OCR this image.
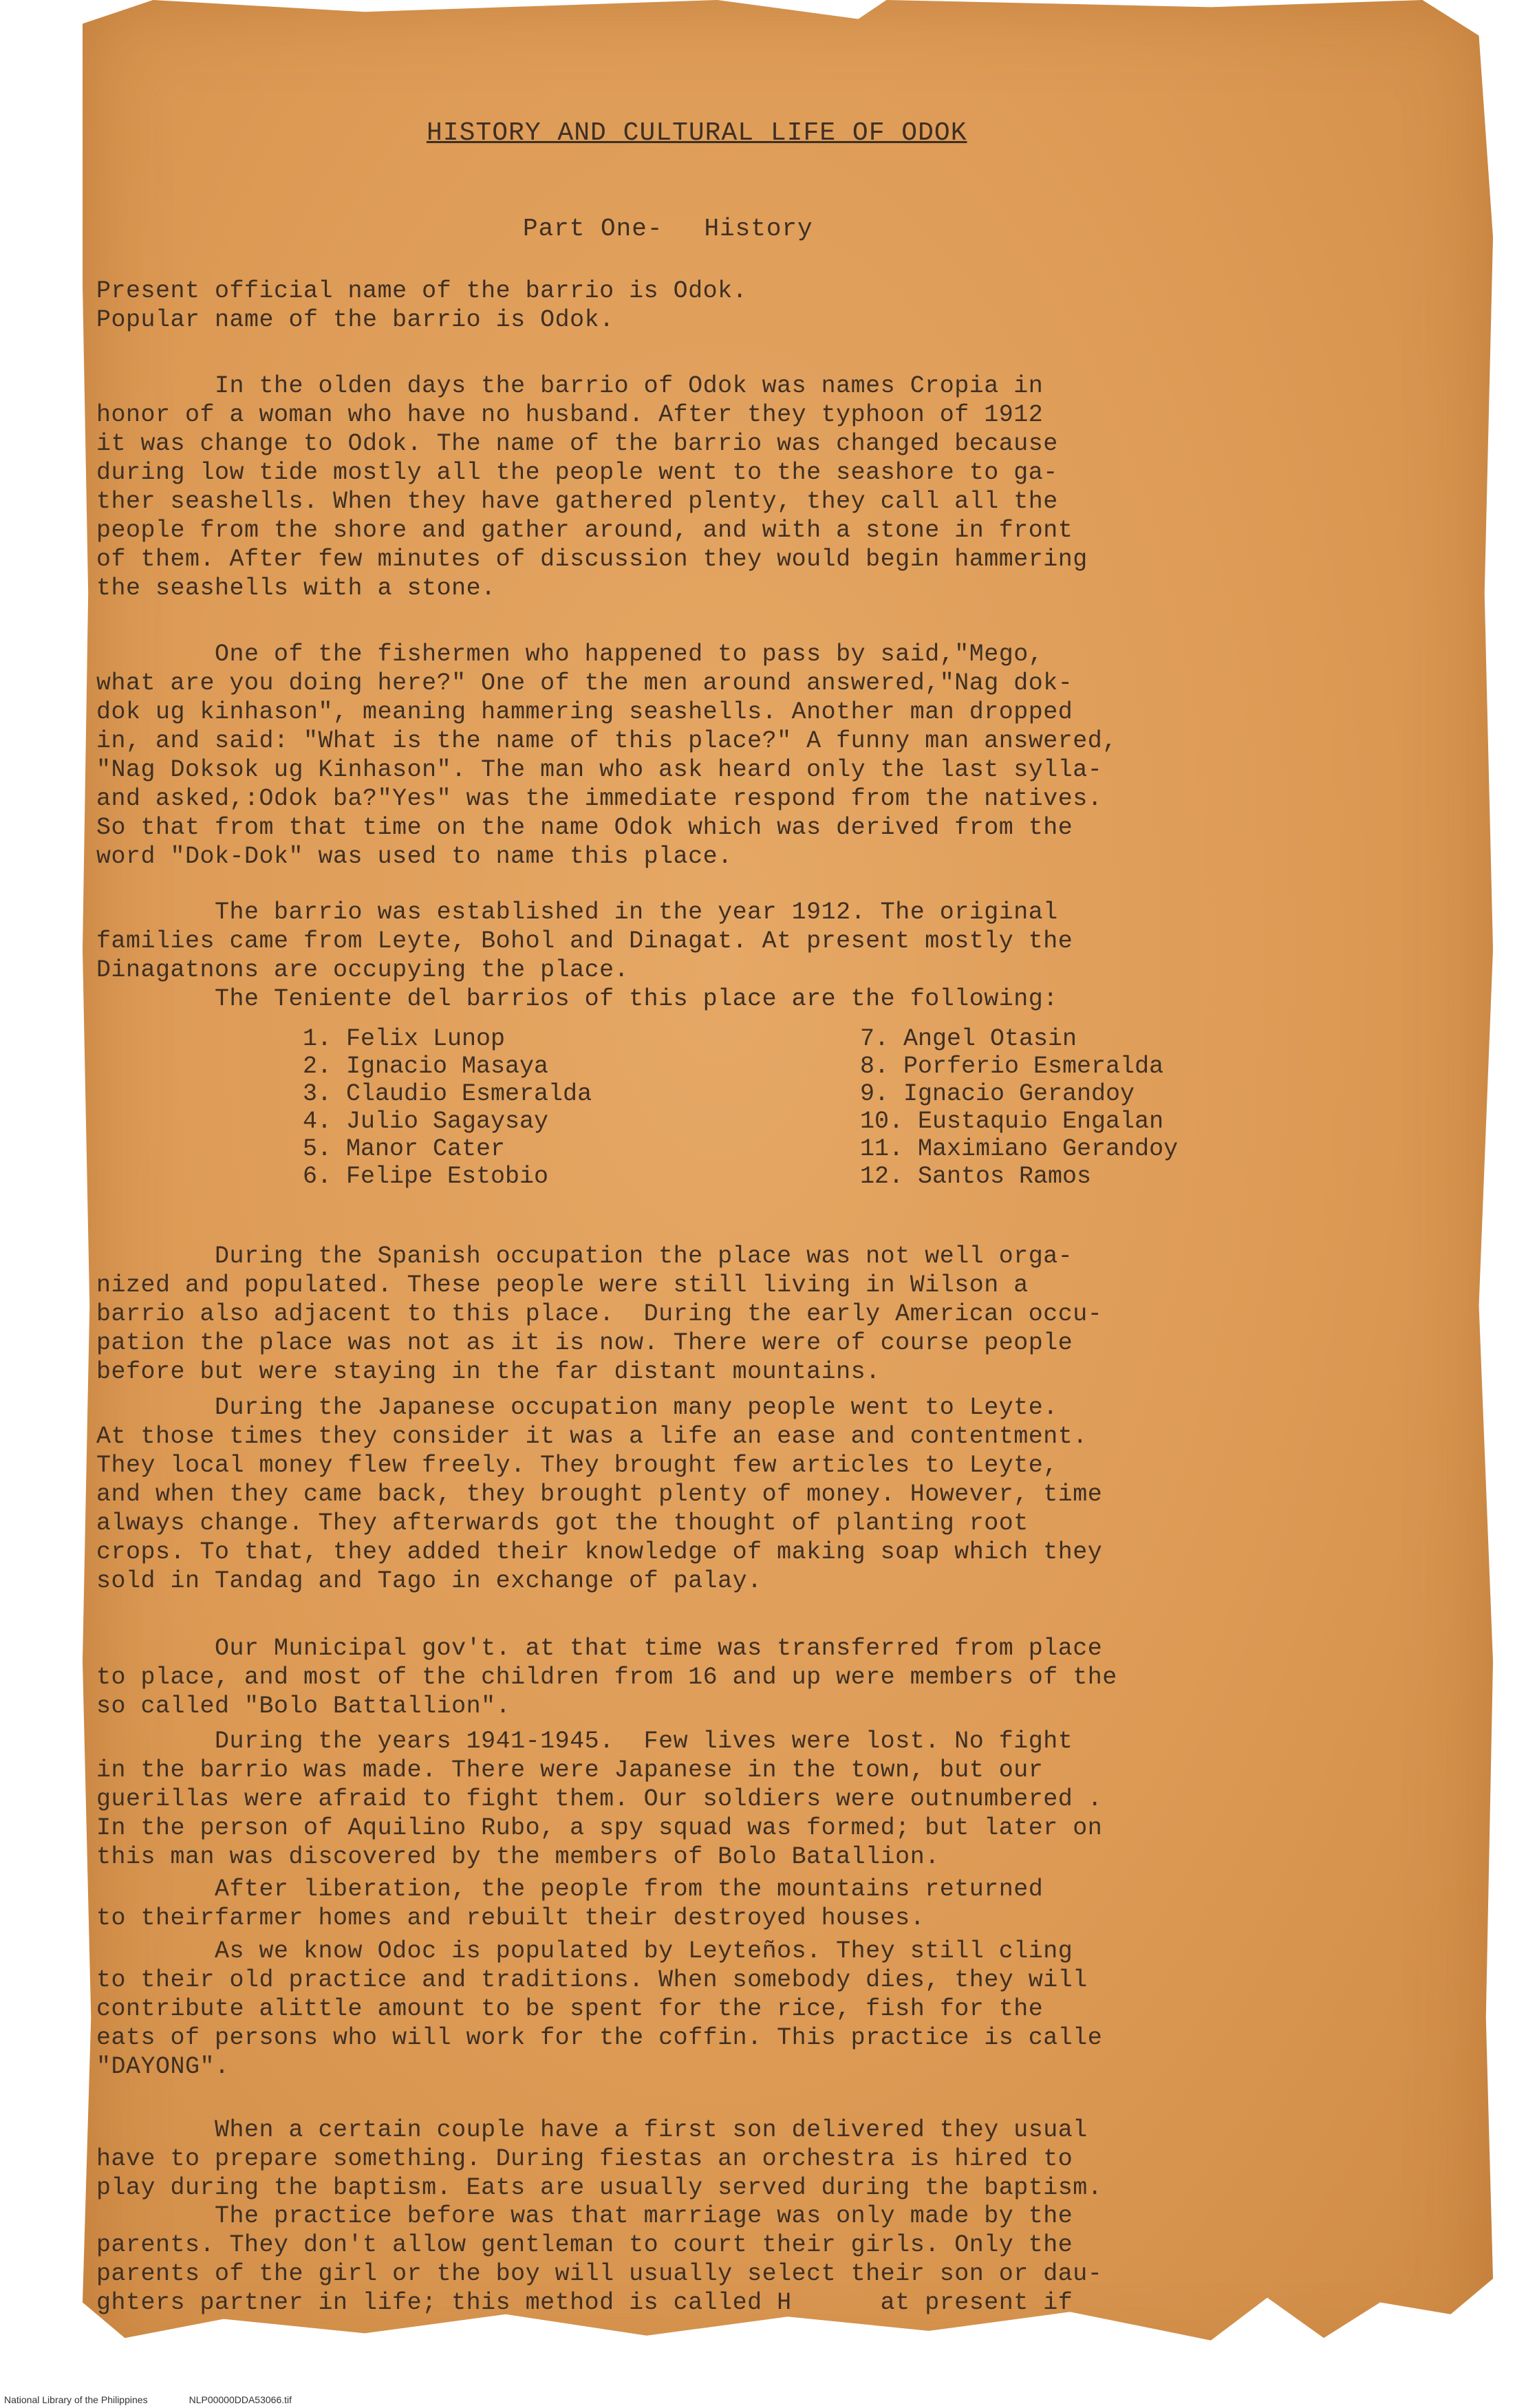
HISTORY AND CULTURAL LIFE OF ODOK
Part One- History
Present official name of the barrio is Odok.
Popular name of the barrio is Odok.
In the olden days the barrio of Odok was names Cropia in
honor of a woman who have no husband. After they typhoon of 1912
it was change to Odok. The name of the barrio was changed because
during low tide mostly all the people went to the seashore to ga-
ther seashells. When they have gathered plenty, they call all the
people from the shore and gather around, and with a stone in front
of them. After few minutes of discussion they would begin hammering
the seashells with a stone.
One of the fishermen who happened to pass by said,"Mego,
what are you doing here?" One of the men around answered,"Nag dok-
dok ug kinhason", meaning hammering seashells. Another man dropped
in, and said: "What is the name of this place?" A funny man answered,
"Nag Doksok ug Kinhason". The man who ask heard only the last sylla-
and asked,:Odok ba?"Yes" was the immediate respond from the natives.
So that from that time on the name Odok which was derived from the
word "Dok-Dok" was used to name this place.
The barrio was established in the year 1912. The original
families came from Leyte, Bohol and Dinagat. At present mostly the
Dinagatnons are occupying the place.
The Teniente del barrios of this place are the following:
1. Felix Lunop
2. Ignacio Masaya
3. Claudio Esmeralda
4. Julio Sagaysay
5. Manor Cater
6. Felipe Estobio
7. Angel Otasin
8. Porferio Esmeralda
9. Ignacio Gerandoy
10. Eustaquio Engalan
11. Maximiano Gerandoy
12. Santos Ramos
During the Spanish occupation the place was not well orga-
nized and populated. These people were still living in Wilson a
barrio also adjacent to this place.  During the early American occu-
pation the place was not as it is now. There were of course people
before but were staying in the far distant mountains.
During the Japanese occupation many people went to Leyte.
At those times they consider it was a life an ease and contentment.
They local money flew freely. They brought few articles to Leyte,
and when they came back, they brought plenty of money. However, time
always change. They afterwards got the thought of planting root
crops. To that, they added their knowledge of making soap which they
sold in Tandag and Tago in exchange of palay.
Our Municipal gov't. at that time was transferred from place
to place, and most of the children from 16 and up were members of the
so called "Bolo Battallion".
During the years 1941-1945.  Few lives were lost. No fight
in the barrio was made. There were Japanese in the town, but our
guerillas were afraid to fight them. Our soldiers were outnumbered .
In the person of Aquilino Rubo, a spy squad was formed; but later on
this man was discovered by the members of Bolo Batallion.
After liberation, the people from the mountains returned
to theirfarmer homes and rebuilt their destroyed houses.
As we know Odoc is populated by Leyteños. They still cling
to their old practice and traditions. When somebody dies, they will
contribute alittle amount to be spent for the rice, fish for the
eats of persons who will work for the coffin. This practice is calle
"DAYONG".
When a certain couple have a first son delivered they usual
have to prepare something. During fiestas an orchestra is hired to
play during the baptism. Eats are usually served during the baptism.
The practice before was that marriage was only made by the
parents. They don't allow gentleman to court their girls. Only the
parents of the girl or the boy will usually select their son or dau-
ghters partner in life; this method is called H      at present if
National Library of the Philippines	NLP00000DDA53066.tif
